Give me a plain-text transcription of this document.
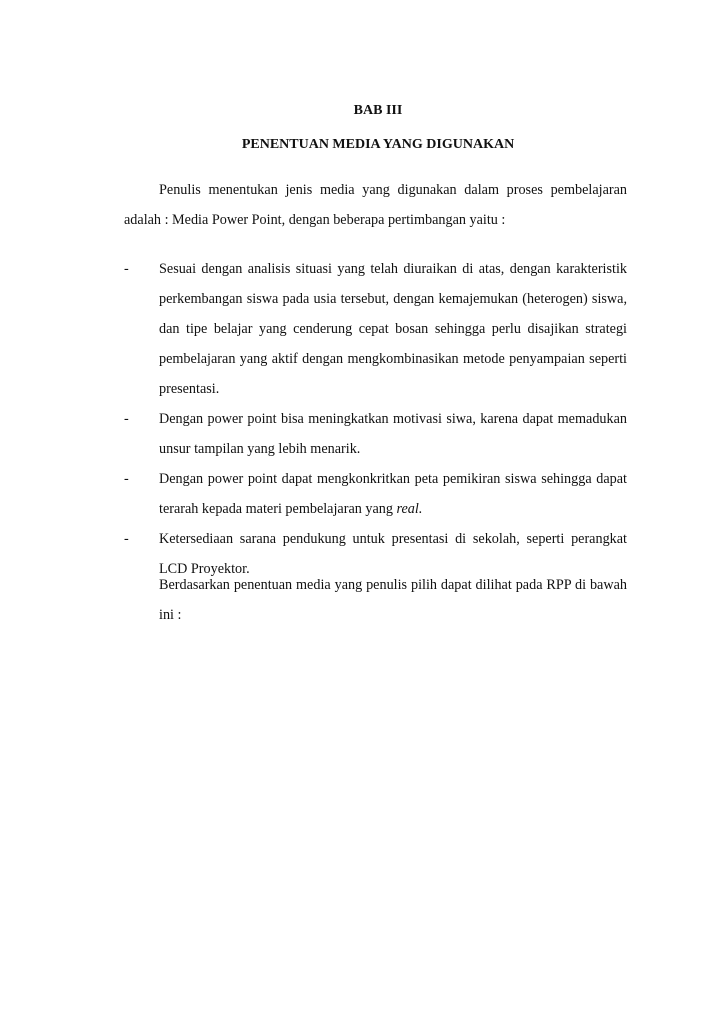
BAB III
PENENTUAN MEDIA YANG DIGUNAKAN
Penulis menentukan jenis media yang digunakan dalam proses pembelajaran adalah : Media Power Point, dengan beberapa pertimbangan yaitu :
- Sesuai dengan analisis situasi yang telah diuraikan di atas, dengan karakteristik perkembangan siswa pada usia tersebut, dengan kemajemukan (heterogen) siswa, dan tipe belajar yang cenderung cepat bosan sehingga perlu disajikan strategi pembelajaran yang aktif dengan mengkombinasikan metode penyampaian seperti presentasi.
- Dengan power point bisa meningkatkan motivasi siwa, karena dapat memadukan unsur tampilan yang lebih menarik.
- Dengan power point dapat mengkonkritkan peta pemikiran siswa sehingga dapat terarah kepada materi pembelajaran yang real.
- Ketersediaan sarana pendukung untuk presentasi di sekolah, seperti perangkat LCD Proyektor.
Berdasarkan penentuan media yang penulis pilih dapat dilihat pada RPP di bawah ini :
